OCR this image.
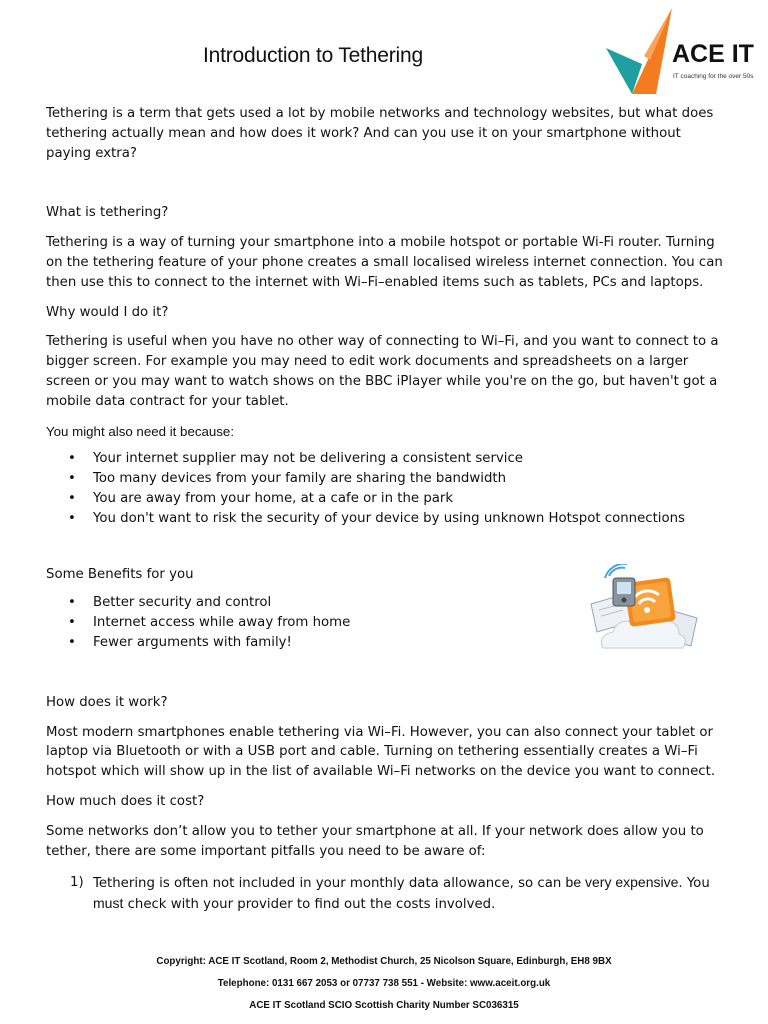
Introduction to Tethering	ACE IT
IT coaching for the over 50s

Tethering is a term that gets used a lot by mobile networks and technology websites, but what does tethering actually mean and how does it work? And can you use it on your smartphone without paying extra?

What is tethering?

Tethering is a way of turning your smartphone into a mobile hotspot or portable Wi-Fi router. Turning on the tethering feature of your phone creates a small localised wireless internet connection. You can then use this to connect to the internet with Wi–Fi–enabled items such as tablets, PCs and laptops.

Why would I do it?

Tethering is useful when you have no other way of connecting to Wi–Fi, and you want to connect to a bigger screen. For example you may need to edit work documents and spreadsheets on a larger screen or you may want to watch shows on the BBC iPlayer while you're on the go, but haven't got a mobile data contract for your tablet.

You might also need it because:
• Your internet supplier may not be delivering a consistent service
• Too many devices from your family are sharing the bandwidth
• You are away from your home, at a cafe or in the park
• You don't want to risk the security of your device by using unknown Hotspot connections
Some Benefits for you
• Better security and control
• Internet access while away from home
• Fewer arguments with family!
How does it work?

Most modern smartphones enable tethering via Wi–Fi. However, you can also connect your tablet or laptop via Bluetooth or with a USB port and cable. Turning on tethering essentially creates a Wi–Fi hotspot which will show up in the list of available Wi–Fi networks on the device you want to connect.

How much does it cost?

Some networks don’t allow you to tether your smartphone at all. If your network does allow you to tether, there are some important pitfalls you need to be aware of:

1) Tethering is often not included in your monthly data allowance, so can be very expensive. You must check with your provider to find out the costs involved.
Copyright: ACE IT Scotland, Room 2, Methodist Church, 25 Nicolson Square, Edinburgh, EH8 9BX
Telephone: 0131 667 2053 or 07737 738 551 - Website: www.aceit.org.uk
ACE IT Scotland SCIO Scottish Charity Number SC036315
